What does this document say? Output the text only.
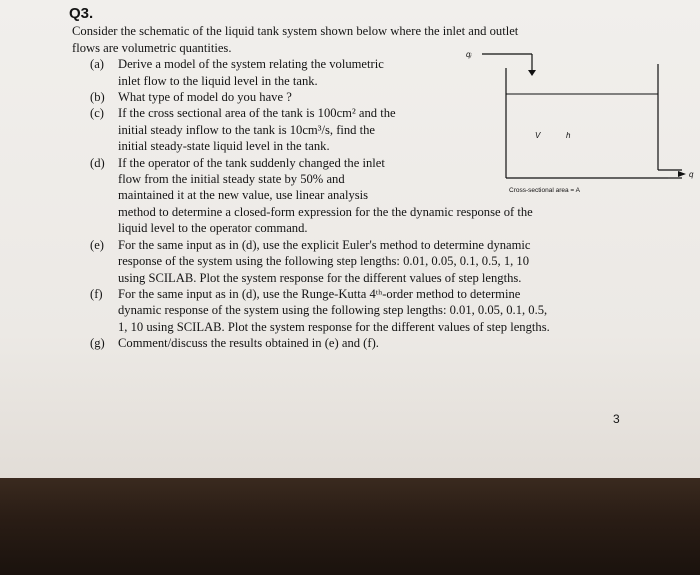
Q3.
Consider the schematic of the liquid tank system shown below where the inlet and outlet
flows are volumetric quantities.
(a) Derive a model of the system relating the volumetric
inlet flow to the liquid level in the tank.
(b) What type of model do you have ?
(c) If the cross sectional area of the tank is 100cm² and the
initial steady inflow to the tank is 10cm³/s, find the
initial steady-state liquid level in the tank.
(d) If the operator of the tank suddenly changed the inlet
flow from the initial steady state by 50% and
maintained it at the new value, use linear analysis
method to determine a closed-form expression for the the dynamic response of the
liquid level to the operator command.
(e) For the same input as in (d), use the explicit Euler's method to determine dynamic
response of the system using the following step lengths: 0.01, 0.05, 0.1, 0.5, 1, 10
using SCILAB. Plot the system response for the different values of step lengths.
(f) For the same input as in (d), use the Runge-Kutta 4ᵗʰ-order method to determine
dynamic response of the system using the following step lengths: 0.01, 0.05, 0.1, 0.5,
1, 10 using SCILAB. Plot the system response for the different values of step lengths.
(g) Comment/discuss the results obtained in (e) and (f).
qᵢ
V	h
q
Cross-sectional area = A
3
